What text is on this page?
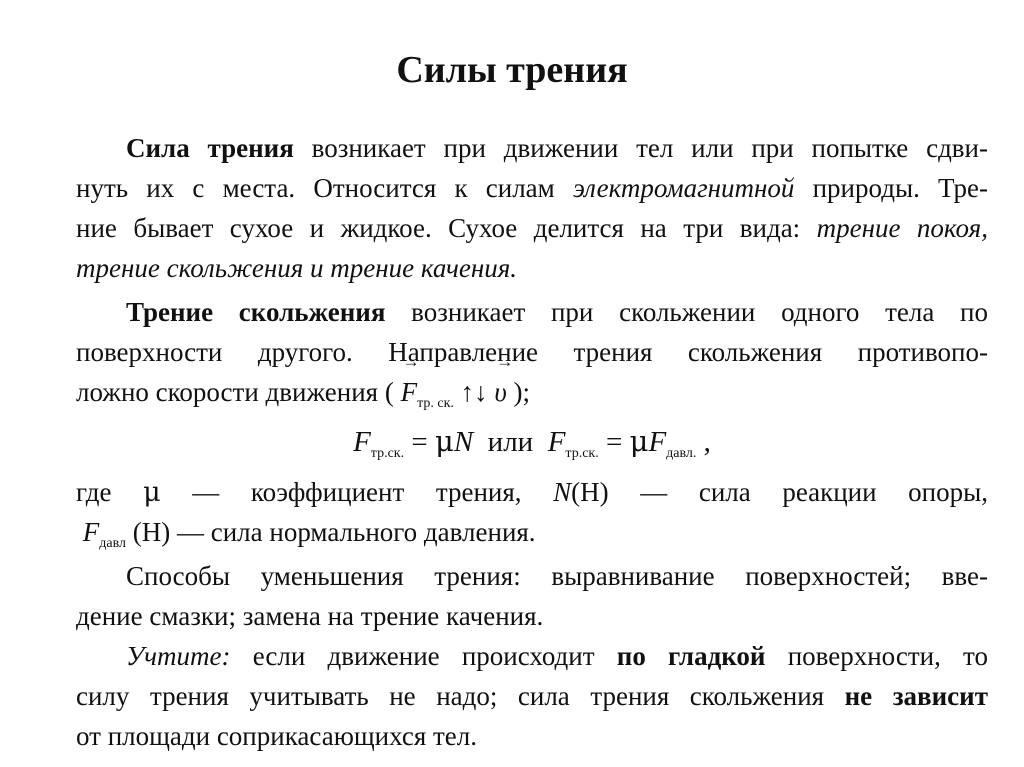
Силы трения
Сила трения возникает при движении тел или при попытке сдви-
нуть их с места. Относится к силам электромагнитной природы. Тре-
ние бывает сухое и жидкое. Сухое делится на три вида: трение покоя,
трение скольжения и трение качения.
Трение скольжения возникает при скольжении одного тела по
поверхности другого. Направление трения скольжения противопо-
ложно скорости движения ( → $F_{тр. ск.}$ ↑↓ → υ );
$F_{тр.ск.} = \mu N$ или $F_{тр.ск.} = \mu F_{давл.}$ ,
где μ — коэффициент трения, N(Н) — сила реакции опоры,
$F_{давл}$ (Н) — сила нормального давления.
Способы уменьшения трения: выравнивание поверхностей; вве-
дение смазки; замена на трение качения.
Учтите: если движение происходит по гладкой поверхности, то
силу трения учитывать не надо; сила трения скольжения не зависит
от площади соприкасающихся тел.
